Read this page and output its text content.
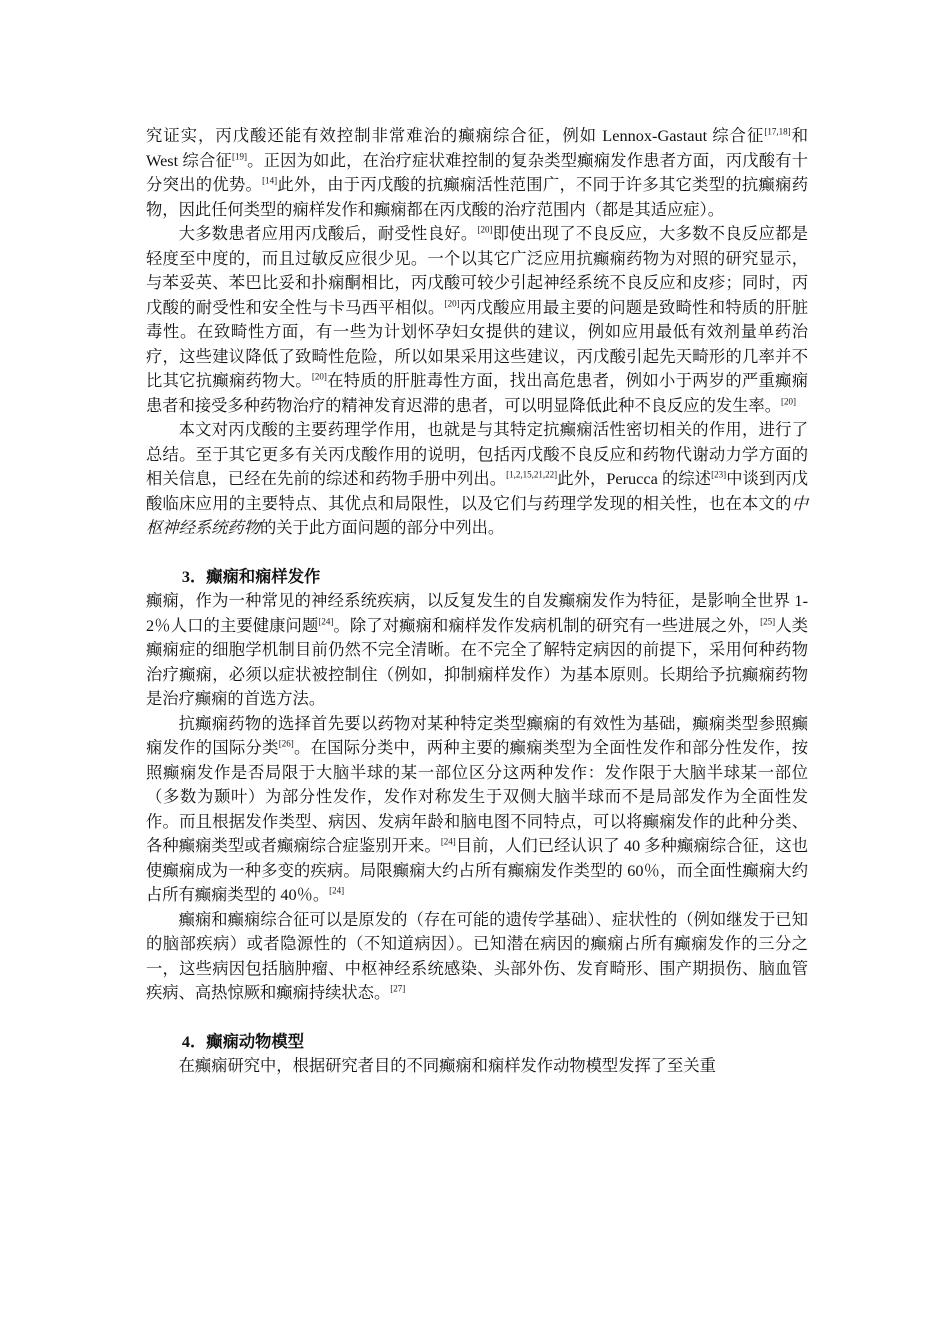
究证实，丙戊酸还能有效控制非常难治的癫痫综合征，例如 Lennox-Gastaut 综合征[17,18]和 West 综合征[19]。正因为如此，在治疗症状难控制的复杂类型癫痫发作患者方面，丙戊酸有十分突出的优势。[14]此外，由于丙戊酸的抗癫痫活性范围广，不同于许多其它类型的抗癫痫药物，因此任何类型的痫样发作和癫痫都在丙戊酸的治疗范围内（都是其适应症）。

大多数患者应用丙戊酸后，耐受性良好。[20]即使出现了不良反应，大多数不良反应都是轻度至中度的，而且过敏反应很少见。一个以其它广泛应用抗癫痫药物为对照的研究显示，与苯妥英、苯巴比妥和扑痫酮相比，丙戊酸可较少引起神经系统不良反应和皮疹；同时，丙戊酸的耐受性和安全性与卡马西平相似。[20]丙戊酸应用最主要的问题是致畸性和特质的肝脏毒性。在致畸性方面，有一些为计划怀孕妇女提供的建议，例如应用最低有效剂量单药治疗，这些建议降低了致畸性危险，所以如果采用这些建议，丙戊酸引起先天畸形的几率并不比其它抗癫痫药物大。[20]在特质的肝脏毒性方面，找出高危患者，例如小于两岁的严重癫痫患者和接受多种药物治疗的精神发育迟滞的患者，可以明显降低此种不良反应的发生率。[20]

本文对丙戊酸的主要药理学作用，也就是与其特定抗癫痫活性密切相关的作用，进行了总结。至于其它更多有关丙戊酸作用的说明，包括丙戊酸不良反应和药物代谢动力学方面的相关信息，已经在先前的综述和药物手册中列出。[1,2,15,21,22]此外，Perucca 的综述[23]中谈到丙戊酸临床应用的主要特点、其优点和局限性，以及它们与药理学发现的相关性，也在本文的中枢神经系统药物的关于此方面问题的部分中列出。

3．癫痫和痫样发作

癫痫，作为一种常见的神经系统疾病，以反复发生的自发癫痫发作为特征，是影响全世界 1-2％人口的主要健康问题[24]。除了对癫痫和痫样发作发病机制的研究有一些进展之外，[25]人类癫痫症的细胞学机制目前仍然不完全清晰。在不完全了解特定病因的前提下，采用何种药物治疗癫痫，必须以症状被控制住（例如，抑制痫样发作）为基本原则。长期给予抗癫痫药物是治疗癫痫的首选方法。

抗癫痫药物的选择首先要以药物对某种特定类型癫痫的有效性为基础，癫痫类型参照癫痫发作的国际分类[26]。在国际分类中，两种主要的癫痫类型为全面性发作和部分性发作，按照癫痫发作是否局限于大脑半球的某一部位区分这两种发作：发作限于大脑半球某一部位（多数为颞叶）为部分性发作，发作对称发生于双侧大脑半球而不是局部发作为全面性发作。而且根据发作类型、病因、发病年龄和脑电图不同特点，可以将癫痫发作的此种分类、各种癫痫类型或者癫痫综合症鉴别开来。[24]目前，人们已经认识了 40 多种癫痫综合征，这也使癫痫成为一种多变的疾病。局限癫痫大约占所有癫痫发作类型的 60％，而全面性癫痫大约占所有癫痫类型的 40％。[24]

癫痫和癫痫综合征可以是原发的（存在可能的遗传学基础）、症状性的（例如继发于已知的脑部疾病）或者隐源性的（不知道病因）。已知潜在病因的癫痫占所有癫痫发作的三分之一，这些病因包括脑肿瘤、中枢神经系统感染、头部外伤、发育畸形、围产期损伤、脑血管疾病、高热惊厥和癫痫持续状态。[27]

4．癫痫动物模型

在癫痫研究中，根据研究者目的不同癫痫和痫样发作动物模型发挥了至关重
